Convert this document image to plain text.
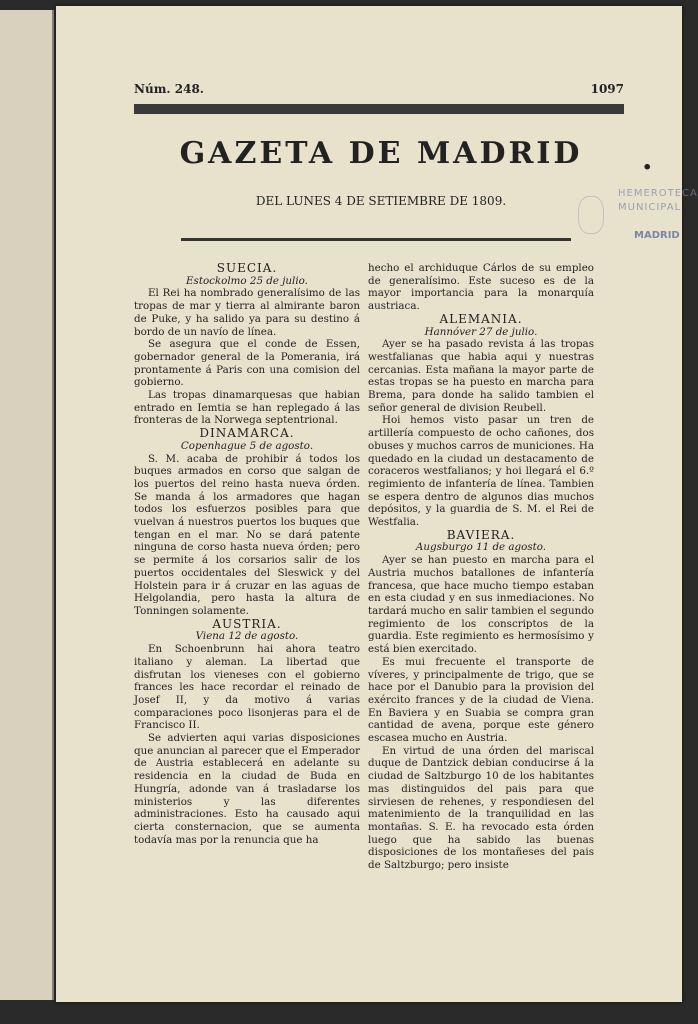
Núm. 248.	1097
GAZETA DE MADRID	.
DEL LUNES 4 DE SETIEMBRE DE 1809.
HEMEROTECA
MUNICIPAL
MADRID

SUECIA.

Estockolmo 25 de julio.

El Rei ha nombrado generalísimo de las tropas de mar y tierra al almirante baron de Puke, y ha salido ya para su destino á bordo de un navío de línea.

Se asegura que el conde de Essen, gobernador general de la Pomerania, irá prontamente á Paris con una comision del gobierno.

Las tropas dinamarquesas que habian entrado en Iemtia se han replegado á las fronteras de la Norwega septentrional.

DINAMARCA.

Copenhague 5 de agosto.

S. M. acaba de prohibir á todos los buques armados en corso que salgan de los puertos del reino hasta nueva órden. Se manda á los armadores que hagan todos los esfuerzos posibles para que vuelvan á nuestros puertos los buques que tengan en el mar. No se dará patente ninguna de corso hasta nueva órden; pero se permite á los corsarios salir de los puertos occidentales del Sleswick y del Holstein para ir á cruzar en las aguas de Helgolandia, pero hasta la altura de Tonningen solamente.

AUSTRIA.

Viena 12 de agosto.

En Schoenbrunn hai ahora teatro italiano y aleman. La libertad que disfrutan los vieneses con el gobierno frances les hace recordar el reinado de Josef II, y da motivo á varias comparaciones poco lisonjeras para el de Francisco II.

Se advierten aqui varias disposiciones que anuncian al parecer que el Emperador de Austria establecerá en adelante su residencia en la ciudad de Buda en Hungría, adonde van á trasladarse los ministerios y las diferentes administraciones. Esto ha causado aqui cierta consternacion, que se aumenta todavía mas por la renuncia que ha

hecho el archiduque Cárlos de su empleo de generalísimo. Este suceso es de la mayor importancia para la monarquía austriaca.

ALEMANIA.

Hannóver 27 de julio.

Ayer se ha pasado revista á las tropas westfalianas que habia aqui y nuestras cercanias. Esta mañana la mayor parte de estas tropas se ha puesto en marcha para Brema, para donde ha salido tambien el señor general de division Reubell.

Hoi hemos visto pasar un tren de artillería compuesto de ocho cañones, dos obuses y muchos carros de municiones. Ha quedado en la ciudad un destacamento de coraceros westfalianos; y hoi llegará el 6.º regimiento de infantería de línea. Tambien se espera dentro de algunos dias muchos depósitos, y la guardia de S. M. el Rei de Westfalia.

BAVIERA.

Augsburgo 11 de agosto.

Ayer se han puesto en marcha para el Austria muchos batallones de infantería francesa, que hace mucho tiempo estaban en esta ciudad y en sus inmediaciones. No tardará mucho en salir tambien el segundo regimiento de los conscriptos de la guardia. Este regimiento es hermosísimo y está bien exercitado.

Es mui frecuente el transporte de víveres, y principalmente de trigo, que se hace por el Danubio para la provision del exército frances y de la ciudad de Viena. En Baviera y en Suabia se compra gran cantidad de avena, porque este género escasea mucho en Austria.

En virtud de una órden del mariscal duque de Dantzick debian conducirse á la ciudad de Saltzburgo 10 de los habitantes mas distinguidos del pais para que sirviesen de rehenes, y respondiesen del matenimiento de la tranquilidad en las montañas. S. E. ha revocado esta órden luego que ha sabido las buenas disposiciones de los montañeses del pais de Saltzburgo; pero insiste
